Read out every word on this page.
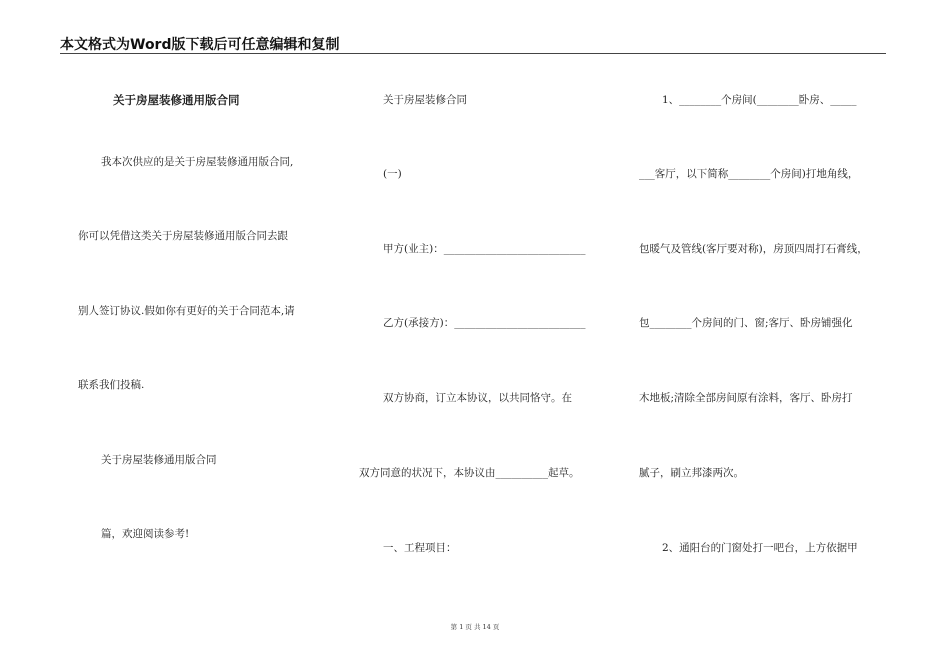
本文格式为Word版下载后可任意编辑和复制
关于房屋装修通用版合同
我本次供应的是关于房屋装修通用版合同,
你可以凭借这类关于房屋装修通用版合同去跟
别人签订协议.假如你有更好的关于合同范本,请
联系我们投稿.
关于房屋装修通用版合同
篇，欢迎阅读参考!
关于房屋装修合同
(一)
甲方(业主)：___________________________
乙方(承接方)：_________________________
双方协商，订立本协议，以共同恪守。在
双方同意的状况下，本协议由__________起草。
一、工程项目：
1、________个房间(________卧房、_____
___客厅，以下简称________个房间)打地角线，
包暖气及管线(客厅要对称)，房顶四周打石膏线，
包________个房间的门、窗;客厅、卧房铺强化
木地板;清除全部房间原有涂料，客厅、卧房打
腻子，刷立邦漆两次。
2、通阳台的门窗处打一吧台，上方依据甲
第 1 页 共 14 页
